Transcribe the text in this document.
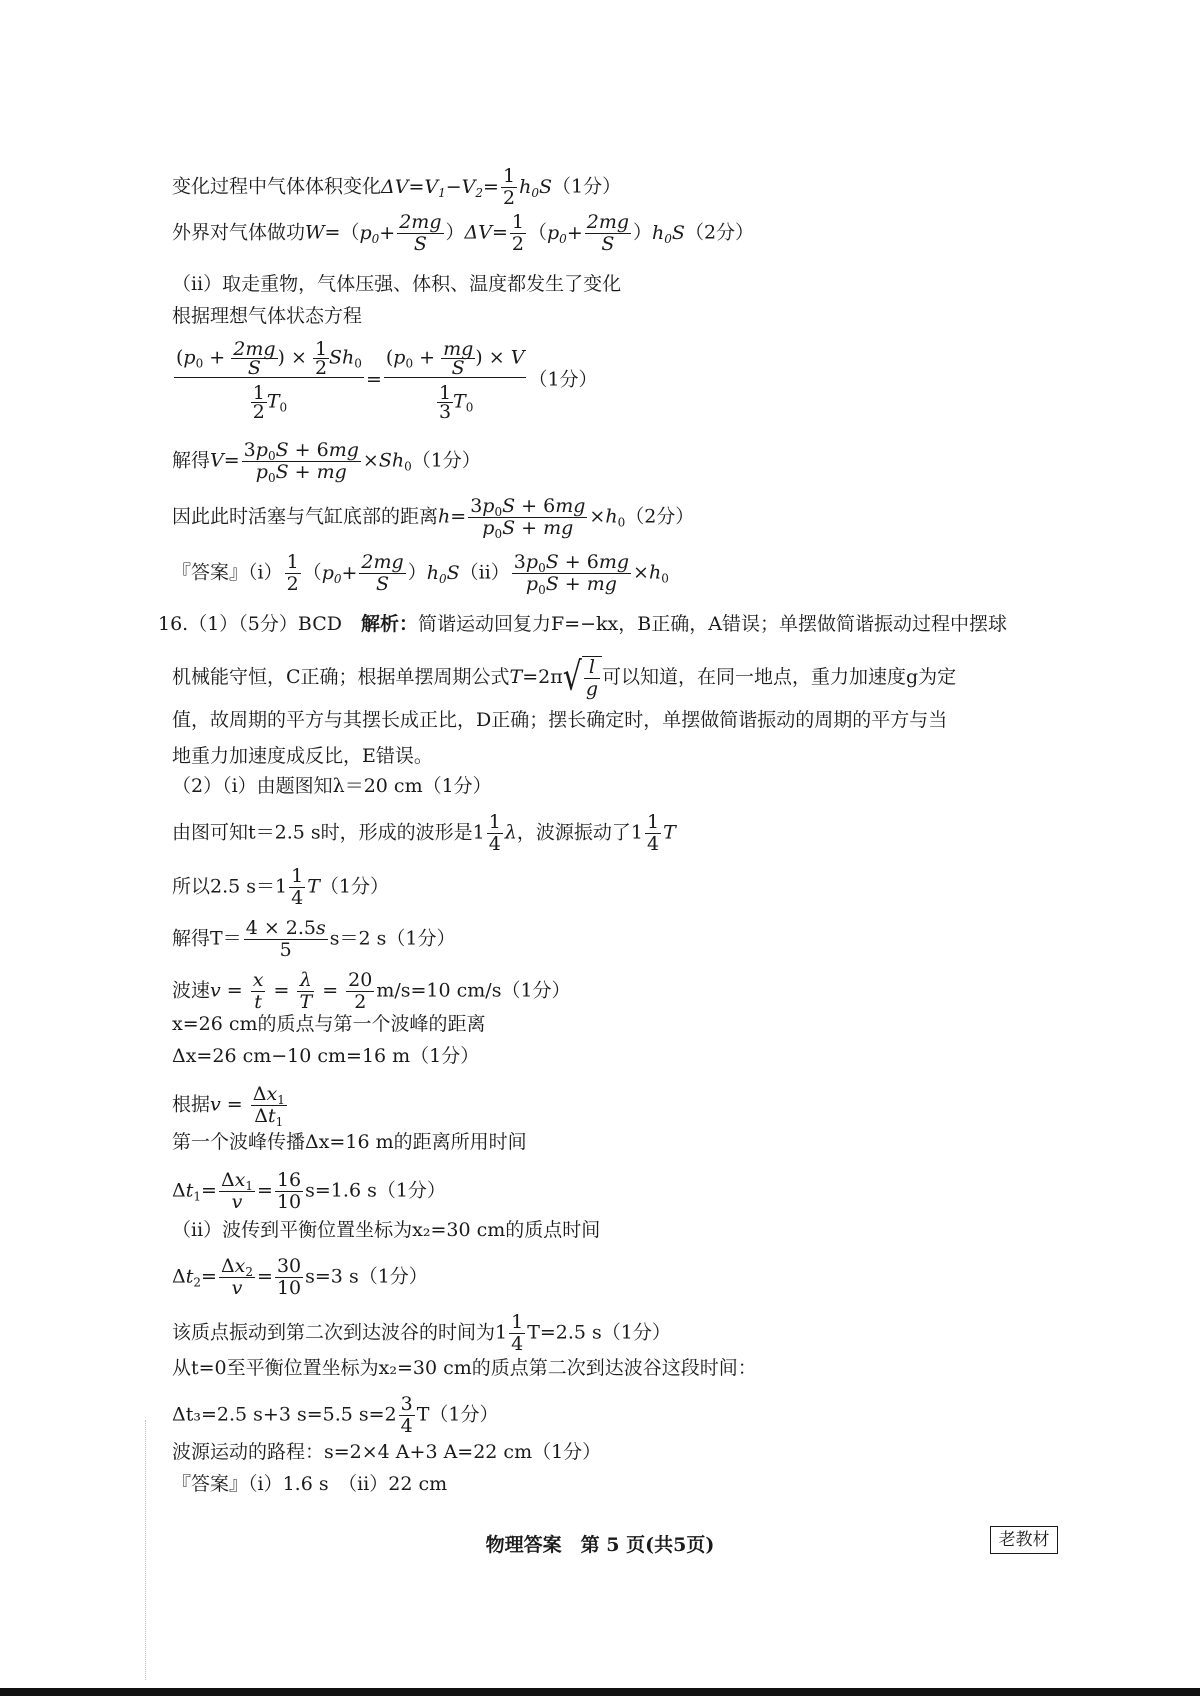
变化过程中气体体积变化$\Delta V=V_1-V_2= \frac{1}{2} h_0S(1$分）
外界对气体做功$W=(p_0+ \frac{2mg}{S} )\Delta V= \frac{1}{2} (p_0+ \frac{2mg}{S} )h_0S(2$分）
（ⅱ）取走重物，气体压强、体积、温度都发生了变化
根据理想气体状态方程
$\frac{(p_0 + \frac{2mg}{S} ) \times \frac{1}{2} Sh_0}{\frac{1}{2} T_0} = \frac{(p_0 + \frac{mg}{S} ) \times V}{\frac{1}{3} T_0} (1$分）
解得$V= \frac{3p_0S + 6mg}{p_0S + mg} \times Sh_0(1$分）
因此此时活塞与气缸底部的距离$h= \frac{3p_0S + 6mg}{p_0S + mg} \times h_0(2$分）
『答案』（ⅰ） $\frac{1}{2} (p_0+ \frac{2mg}{S}$ ）$h_0S(ⅱ) \frac{3p_0S + 6mg}{p_0S + mg} \times h_0$
16.（1）（5分）BCD　 解析：简谐运动回复力F=−kx，B正确，A错误；单摆做简谐振动过程中摆球
机械能守恒，C正确；根据单摆周期公式$T=2\pi√ \frac{l}{g}$ 可以知道，在同一地点，重力加速度g为定
值，故周期的平方与其摆长成正比，D正确；摆长确定时，单摆做简谐振动的周期的平方与当
地重力加速度成反比，E错误。
（2）（ⅰ）由题图知λ＝20 cm（1分）
由图可知t＝2.5 s时，形成的波形是$1 \frac{1}{4}$ λ，波源振动了$1 \frac{1}{4}$ T
所以2.5 $s=1 \frac{1}{4} T(1$分）
解得$T= \frac{4 \times 2.5s}{5} s=2$ s（1分）
波速$v = \frac{x}{t} = \frac{\lambda}{T} = \frac{20}{2} m/s=10$ cm/s（1分）
x=26 cm的质点与第一个波峰的距离
Δx=26 cm−10 cm=16 m（1分）
根据$v = \frac{\Delta x_1}{\Delta t_1}$
第一个波峰传播Δx=16 m的距离所用时间
$\Delta t_1= \frac{\Delta x_1}{v} = \frac{16}{10} s=1.6$ s（1分）
（ⅱ）波传到平衡位置坐标为x₂=30 cm的质点时间
$\Delta t_2= \frac{\Delta x_2}{v} = \frac{30}{10} s=3$ s（1分）
该质点振动到第二次到达波谷的时间为$1 \frac{1}{4} T=2.5$ s（1分）
从t=0至平衡位置坐标为x₂=30 cm的质点第二次到达波谷这段时间：
Δt₃=2.5 s+3 s=5.5 $s=2 \frac{3}{4} T(1$分）
波源运动的路程：s=2×4 A+3 A=22 cm（1分）
『答案』（ⅰ）1.6 s　（ⅱ）22 cm
物理答案　第 5 页(共5页)	老教材
